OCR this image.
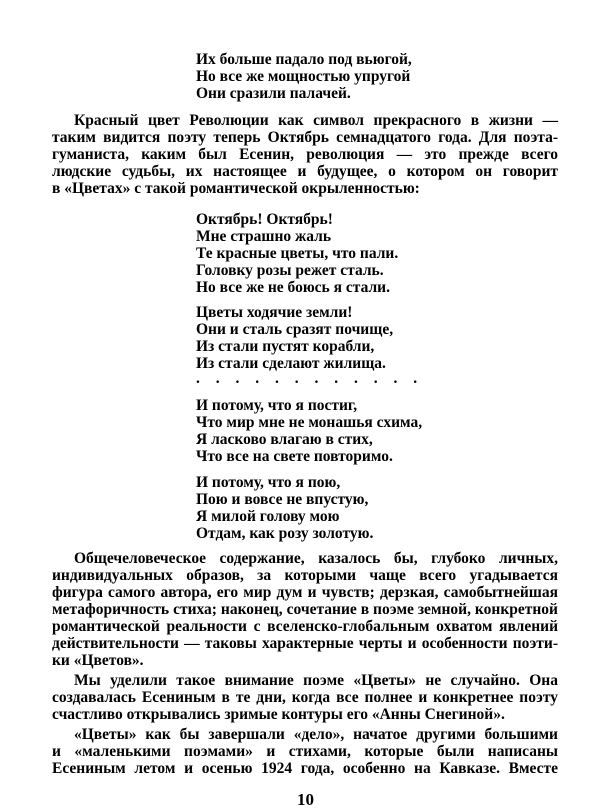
Их больше падало под вьюгой,
Но все же мощностью упругой
Они сразили палачей.
Красный цвет Революции как символ прекрасного в жизни —
таким видится поэту теперь Октябрь семнадцатого года. Для поэта-
гуманиста, каким был Есенин, революция — это прежде всего
людские судьбы, их настоящее и будущее, о котором он говорит
в «Цветах» с такой романтической окрыленностью:
Октябрь! Октябрь!
Мне страшно жаль
Те красные цветы, что пали.
Головку розы режет сталь.
Но все же не боюсь я стали.
Цветы ходячие земли!
Они и сталь сразят почище,
Из стали пустят корабли,
Из стали сделают жилища.
. . . . . . . . . . . .
И потому, что я постиг,
Что мир мне не монашья схима,
Я ласково влагаю в стих,
Что все на свете повторимо.
И потому, что я пою,
Пою и вовсе не впустую,
Я милой голову мою
Отдам, как розу золотую.
Общечеловеческое содержание, казалось бы, глубоко личных,
индивидуальных образов, за которыми чаще всего угадывается
фигура самого автора, его мир дум и чувств; дерзкая, самобытнейшая
метафоричность стиха; наконец, сочетание в поэме земной, конкретной
романтической реальности с вселенско-глобальным охватом явлений
действительности — таковы характерные черты и особенности поэти-
ки «Цветов».
Мы уделили такое внимание поэме «Цветы» не случайно. Она
создавалась Есениным в те дни, когда все полнее и конкретнее поэту
счастливо открывались зримые контуры его «Анны Снегиной».
«Цветы» как бы завершали «дело», начатое другими большими
и «маленькими поэмами» и стихами, которые были написаны
Есениным летом и осенью 1924 года, особенно на Кавказе. Вместе
10
